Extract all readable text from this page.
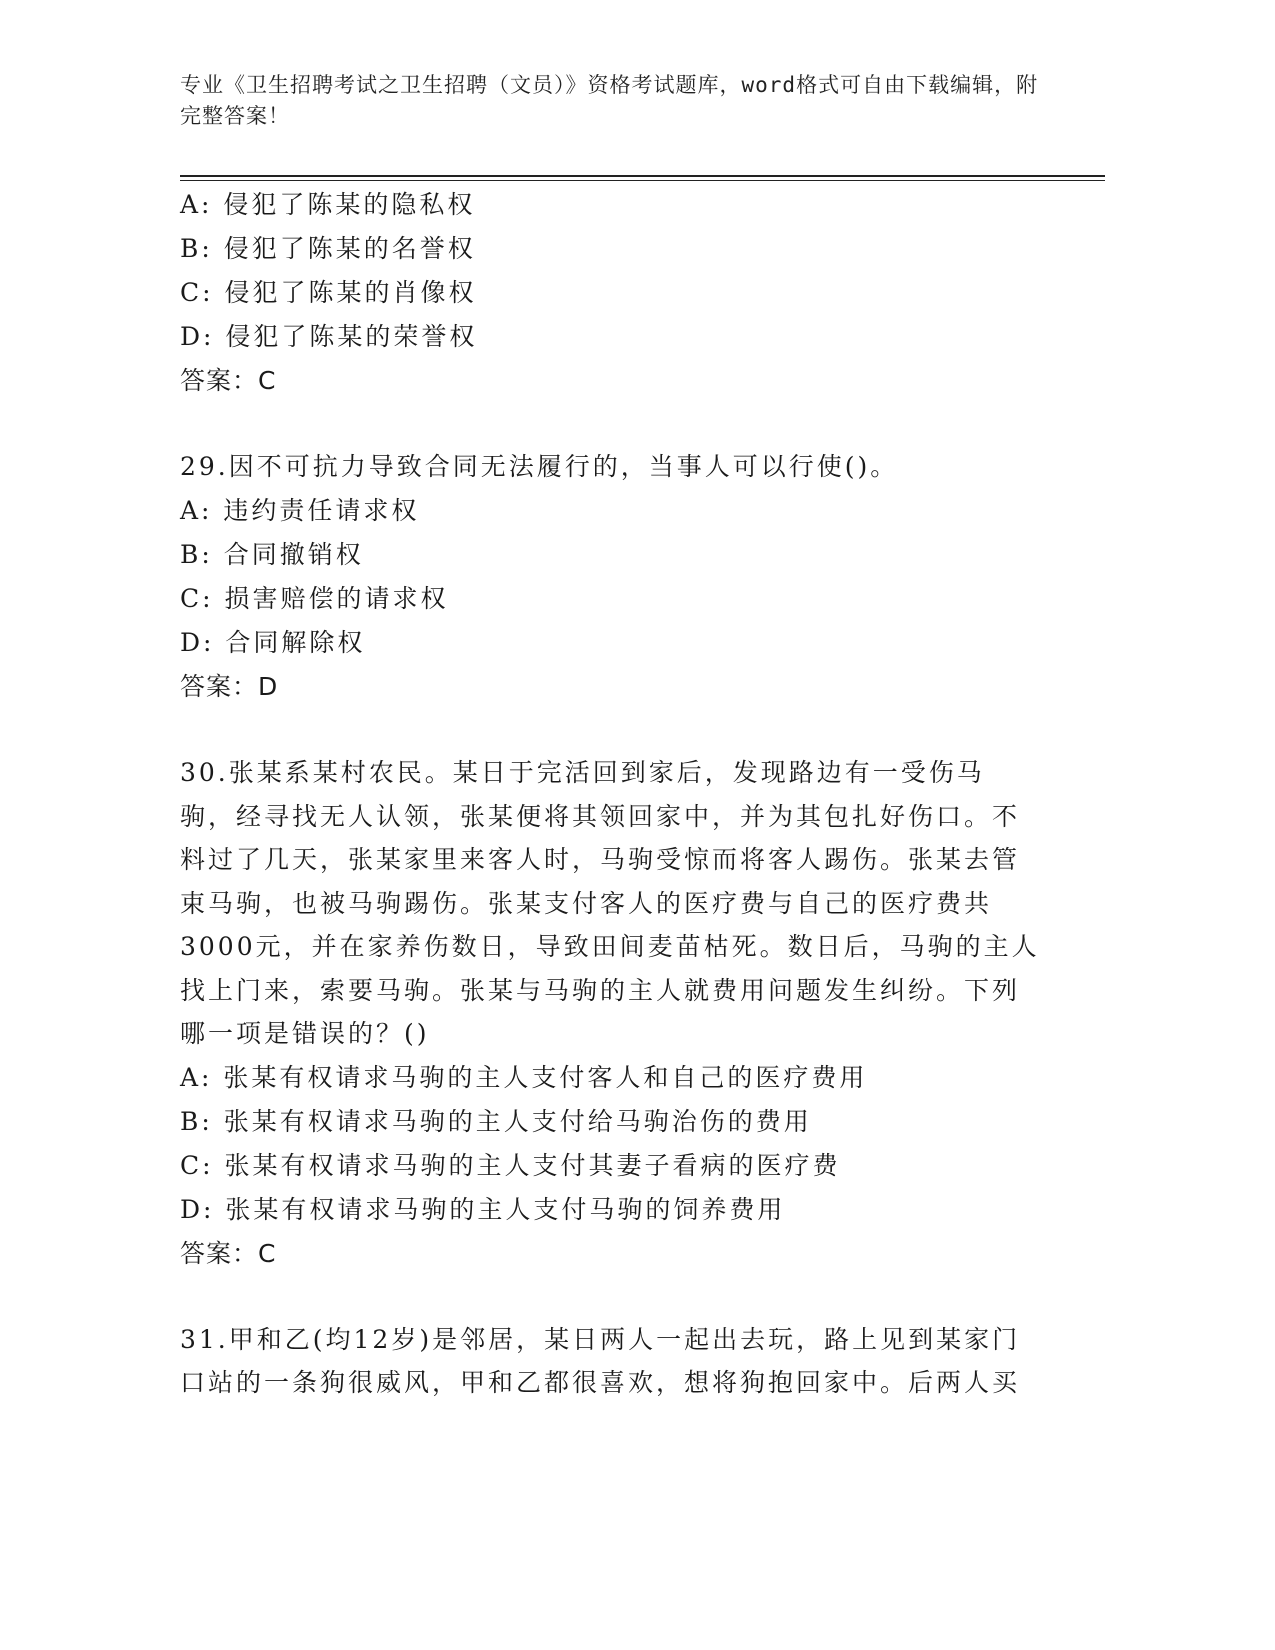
专业《卫生招聘考试之卫生招聘（文员）》资格考试题库，word格式可自由下载编辑，附完整答案！
A: 侵犯了陈某的隐私权
B: 侵犯了陈某的名誉权
C: 侵犯了陈某的肖像权
D: 侵犯了陈某的荣誉权
答案：C
29.因不可抗力导致合同无法履行的，当事人可以行使()。
A: 违约责任请求权
B: 合同撤销权
C: 损害赔偿的请求权
D: 合同解除权
答案：D
30.张某系某村农民。某日于完活回到家后，发现路边有一受伤马驹，经寻找无人认领，张某便将其领回家中，并为其包扎好伤口。不料过了几天，张某家里来客人时，马驹受惊而将客人踢伤。张某去管束马驹，也被马驹踢伤。张某支付客人的医疗费与自己的医疗费共3000元，并在家养伤数日，导致田间麦苗枯死。数日后，马驹的主人找上门来，索要马驹。张某与马驹的主人就费用问题发生纠纷。下列哪一项是错误的？()
A: 张某有权请求马驹的主人支付客人和自己的医疗费用
B: 张某有权请求马驹的主人支付给马驹治伤的费用
C: 张某有权请求马驹的主人支付其妻子看病的医疗费
D: 张某有权请求马驹的主人支付马驹的饲养费用
答案：C
31.甲和乙(均12岁)是邻居，某日两人一起出去玩，路上见到某家门口站的一条狗很威风，甲和乙都很喜欢，想将狗抱回家中。后两人买
